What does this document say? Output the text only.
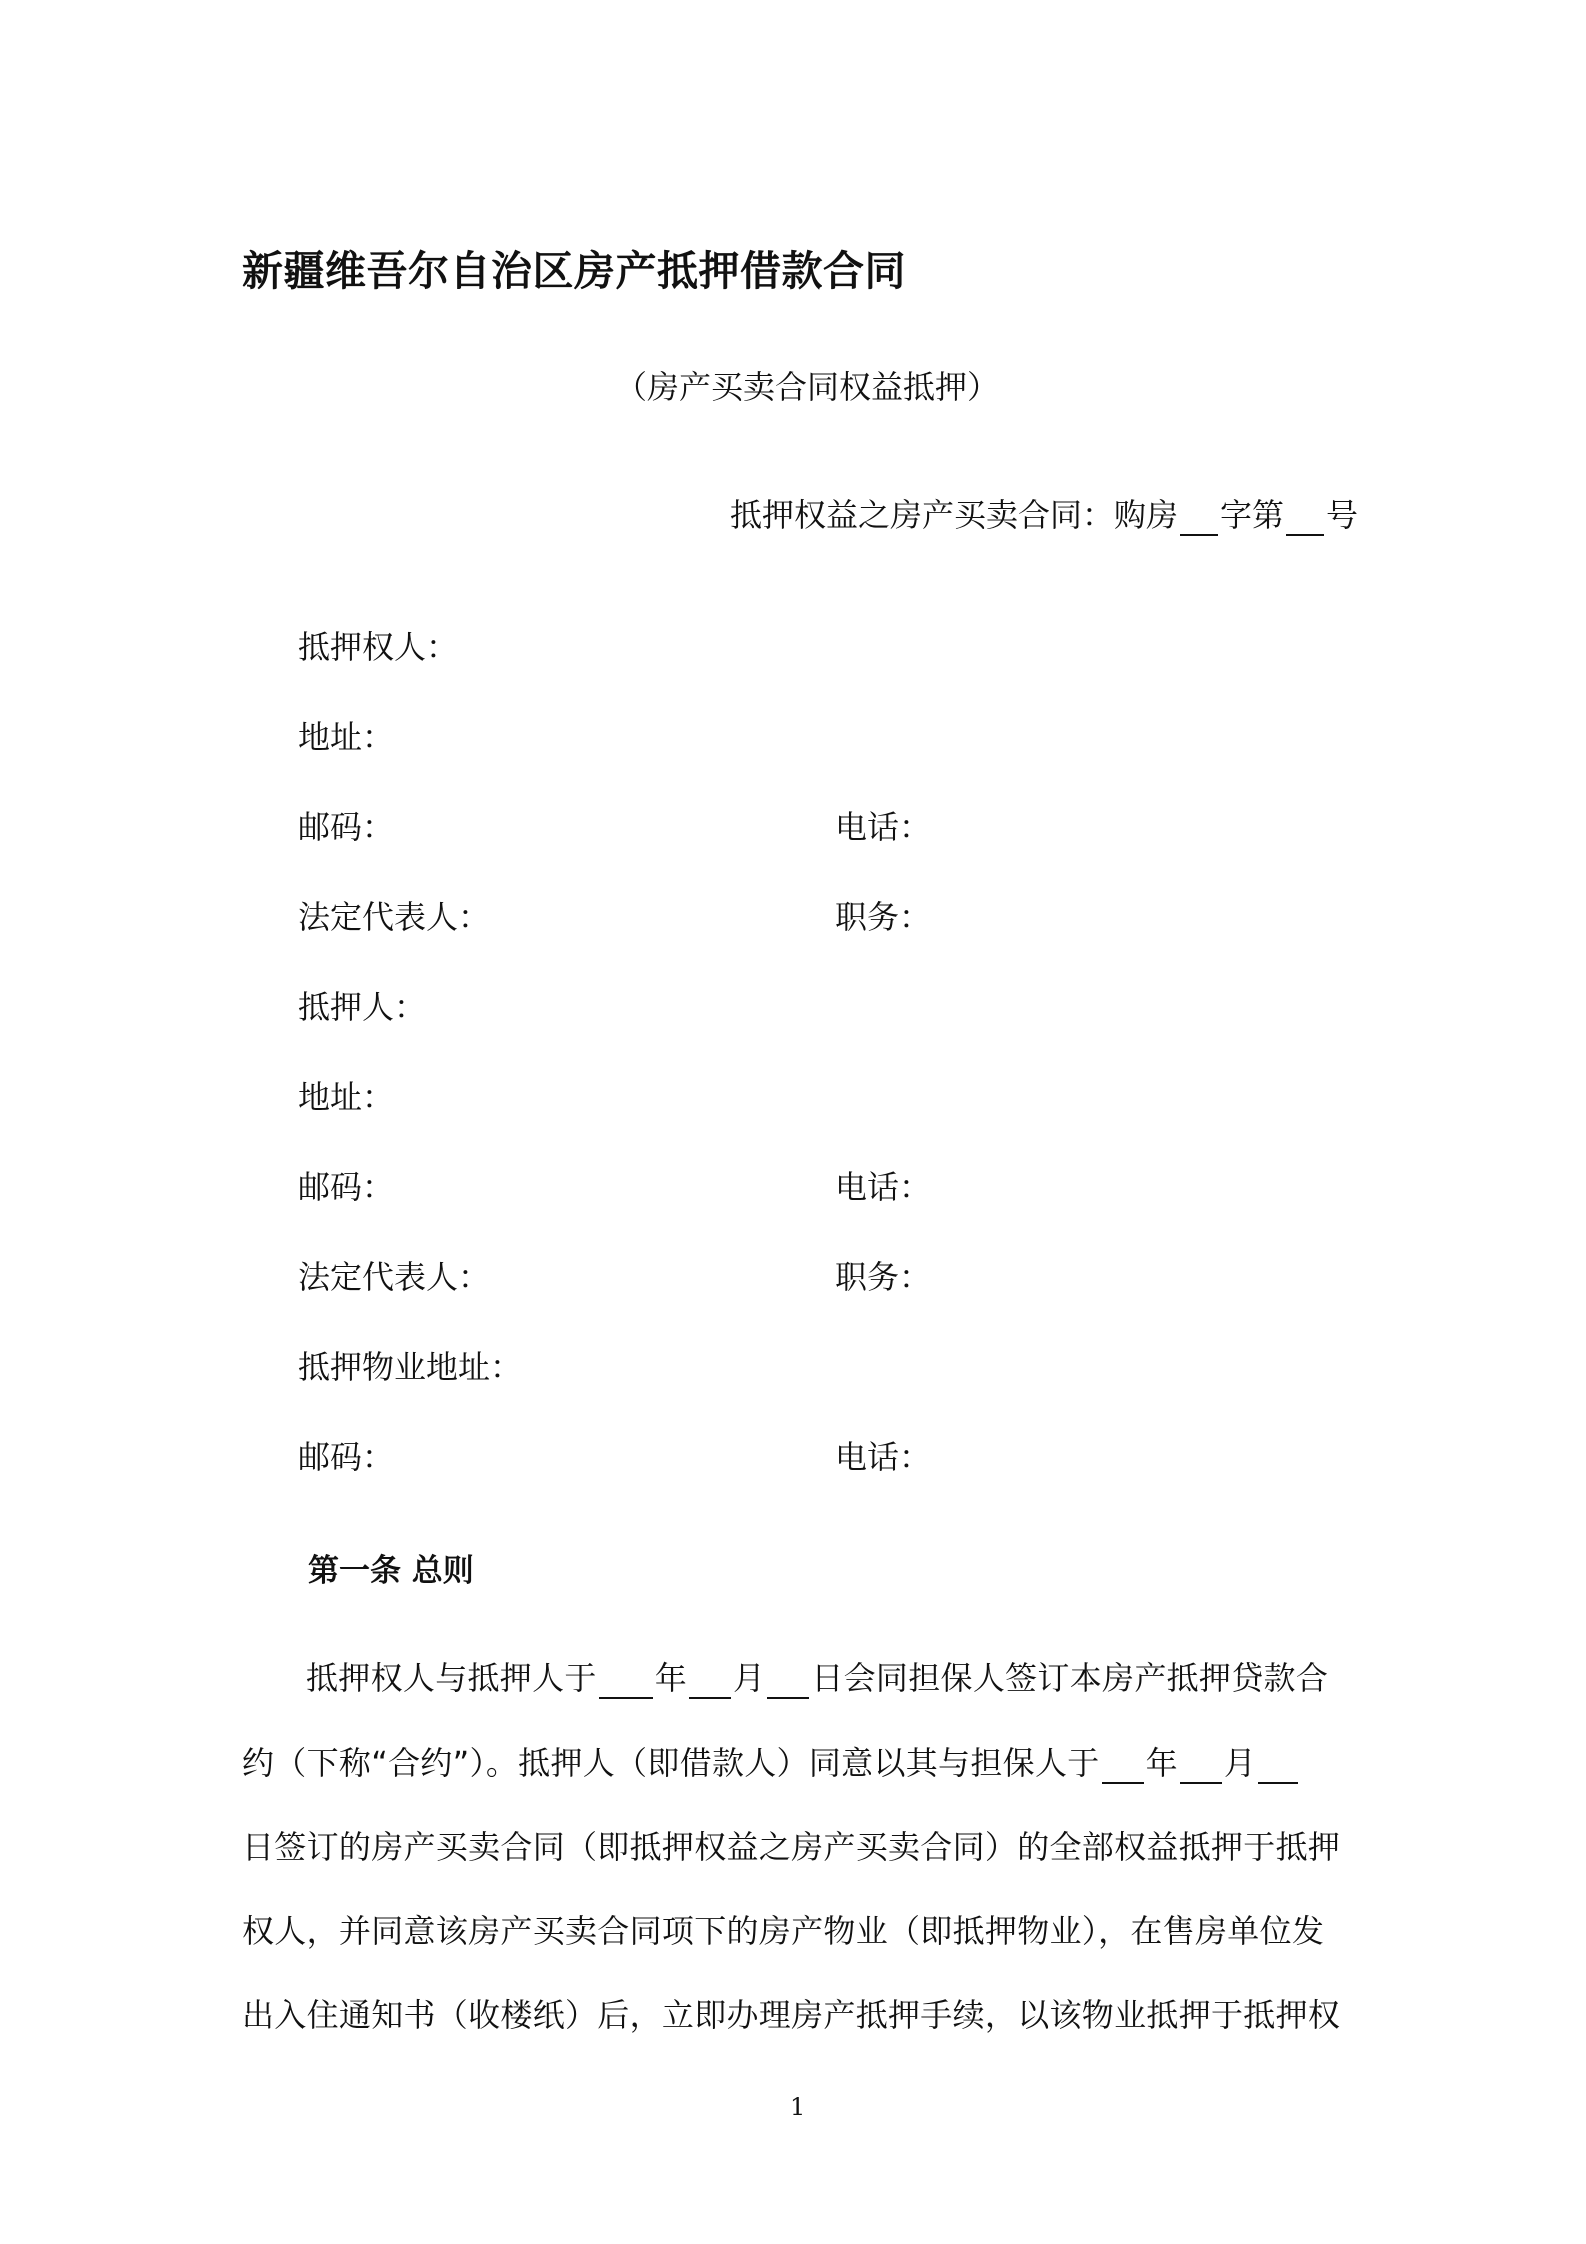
新疆维吾尔自治区房产抵押借款合同
（房产买卖合同权益抵押）
抵押权益之房产买卖合同：购房 字第 号
抵押权人：
地址：
邮码：	电话：
法定代表人：	职务：
抵押人：
地址：
邮码：	电话：
法定代表人：	职务：
抵押物业地址：
邮码：	电话：
第一条 总则
抵押权人与抵押人于 年 月 日会同担保人签订本房产抵押贷款合
约（下称“合约”）。抵押人（即借款人）同意以其与担保人于 年 月
日签订的房产买卖合同（即抵押权益之房产买卖合同）的全部权益抵押于抵押
权人，并同意该房产买卖合同项下的房产物业（即抵押物业），在售房单位发
出入住通知书（收楼纸）后，立即办理房产抵押手续，以该物业抵押于抵押权
1
